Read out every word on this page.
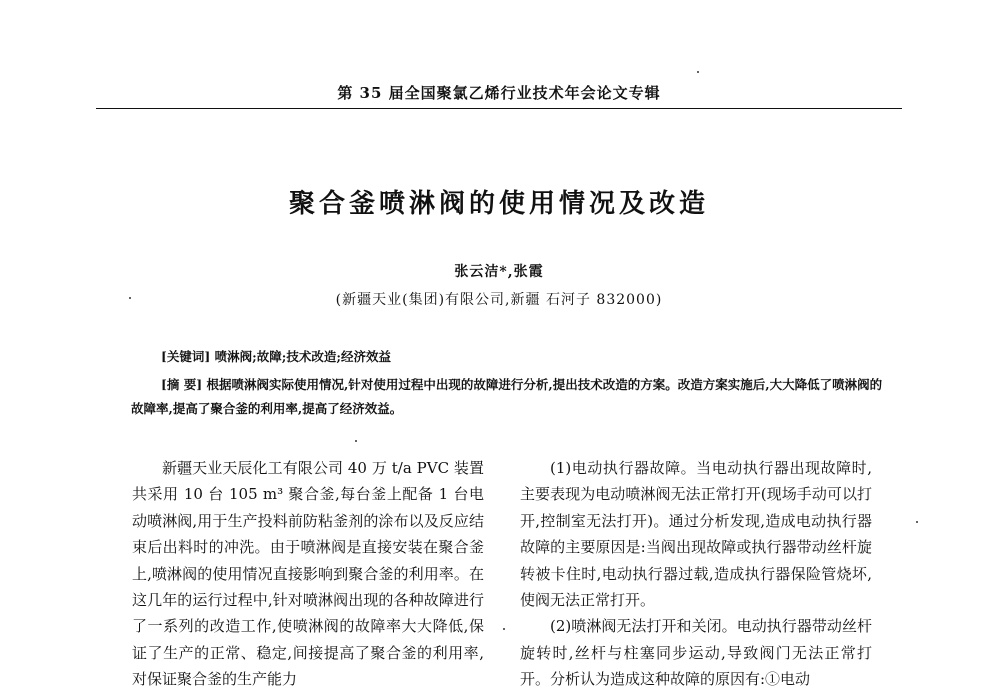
第 35 届全国聚氯乙烯行业技术年会论文专辑
聚合釜喷淋阀的使用情况及改造
张云洁*,张霞
(新疆天业(集团)有限公司,新疆 石河子 832000)
[关键词] 喷淋阀;故障;技术改造;经济效益
[摘 要] 根据喷淋阀实际使用情况,针对使用过程中出现的故障进行分析,提出技术改造的方案。改造方案实施后,大大降低了喷淋阀的故障率,提高了聚合釜的利用率,提高了经济效益。

新疆天业天辰化工有限公司 40 万 t/a PVC 装置共采用 10 台 105 m³ 聚合釜,每台釜上配备 1 台电动喷淋阀,用于生产投料前防粘釜剂的涂布以及反应结束后出料时的冲洗。由于喷淋阀是直接安装在聚合釜上,喷淋阀的使用情况直接影响到聚合釜的利用率。在这几年的运行过程中,针对喷淋阀出现的各种故障进行了一系列的改造工作,使喷淋阀的故障率大大降低,保证了生产的正常、稳定,间接提高了聚合釜的利用率,对保证聚合釜的生产能力

(1)电动执行器故障。当电动执行器出现故障时,主要表现为电动喷淋阀无法正常打开(现场手动可以打开,控制室无法打开)。通过分析发现,造成电动执行器故障的主要原因是:当阀出现故障或执行器带动丝杆旋转被卡住时,电动执行器过载,造成执行器保险管烧坏,使阀无法正常打开。

(2)喷淋阀无法打开和关闭。电动执行器带动丝杆旋转时,丝杆与柱塞同步运动,导致阀门无法正常打开。分析认为造成这种故障的原因有:①电动
